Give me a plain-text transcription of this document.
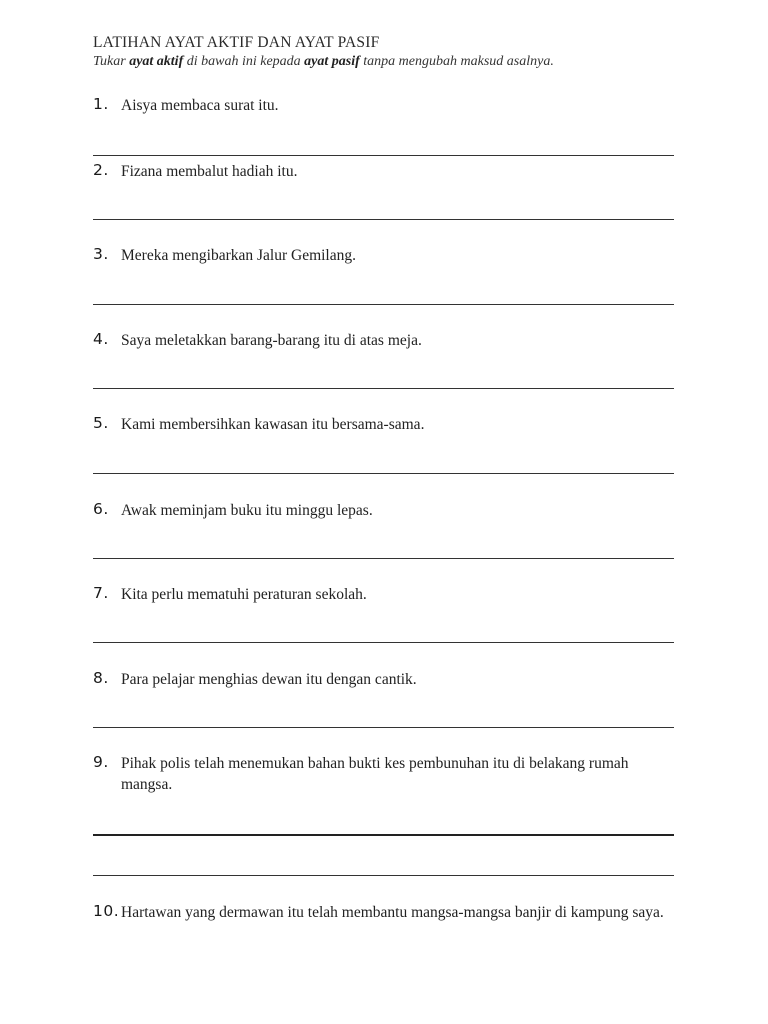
LATIHAN AYAT AKTIF DAN AYAT PASIF
Tukar ayat aktif di bawah ini kepada ayat pasif tanpa mengubah maksud asalnya.
1. Aisya membaca surat itu.
2. Fizana membalut hadiah itu.
3. Mereka mengibarkan Jalur Gemilang.
4. Saya meletakkan barang-barang itu di atas meja.
5. Kami membersihkan kawasan itu bersama-sama.
6. Awak meminjam buku itu minggu lepas.
7. Kita perlu mematuhi peraturan sekolah.
8. Para pelajar menghias dewan itu dengan cantik.
9. Pihak polis telah menemukan bahan bukti kes pembunuhan itu di belakang rumah mangsa.
10. Hartawan yang dermawan itu telah membantu mangsa-mangsa banjir di kampung saya.
